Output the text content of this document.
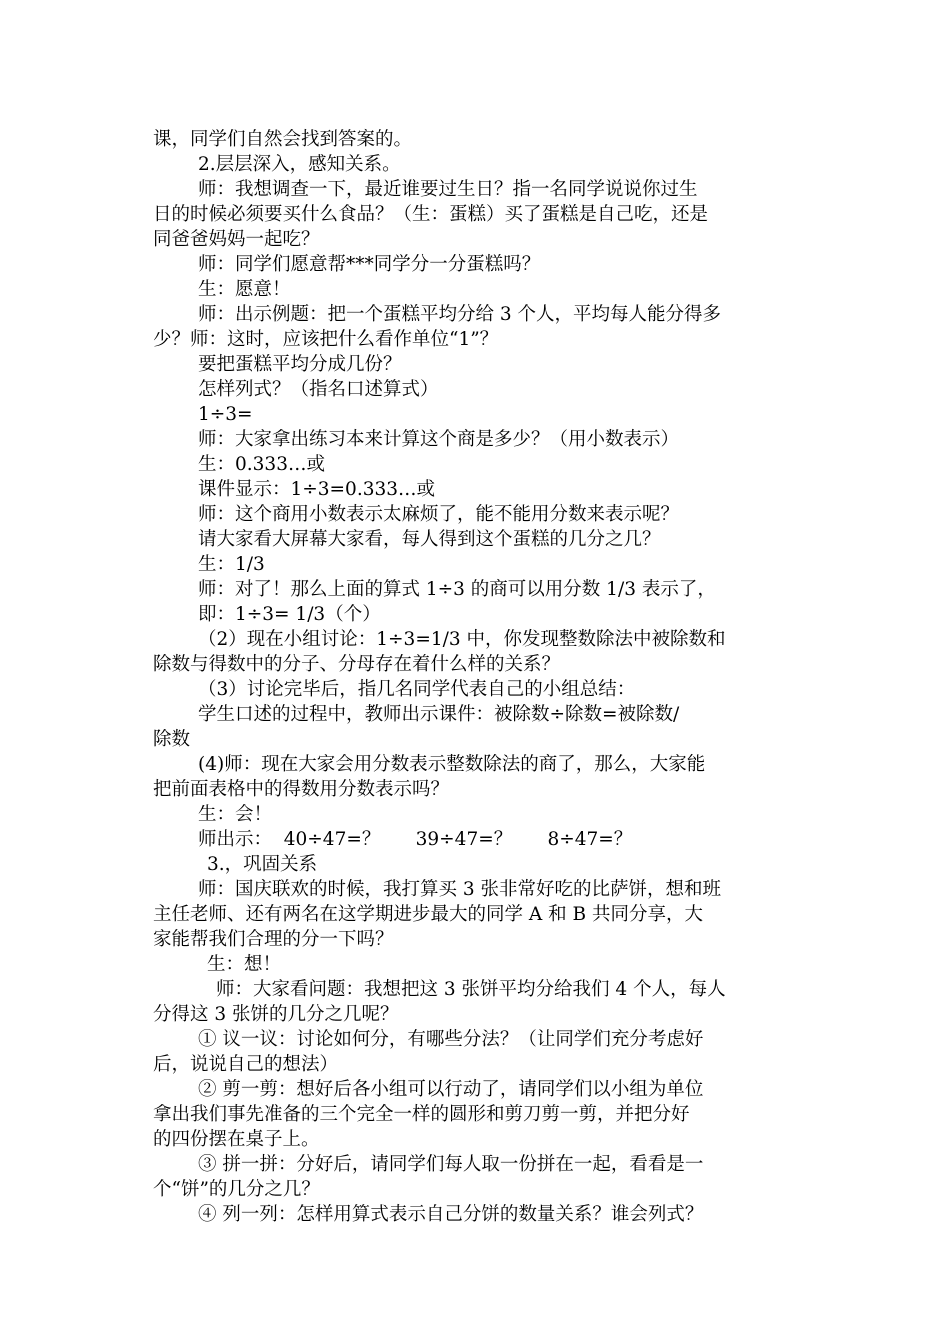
课，同学们自然会找到答案的。
2.层层深入，感知关系。
师：我想调查一下，最近谁要过生日？指一名同学说说你过生
日的时候必须要买什么食品？（生：蛋糕）买了蛋糕是自己吃，还是
同爸爸妈妈一起吃？
师：同学们愿意帮***同学分一分蛋糕吗？
生：愿意！
师：出示例题：把一个蛋糕平均分给 3 个人，平均每人能分得多
少？师：这时，应该把什么看作单位“1”？
要把蛋糕平均分成几份？
怎样列式？（指名口述算式）
1÷3=
师：大家拿出练习本来计算这个商是多少？（用小数表示）
生：0.333…或
课件显示：1÷3=0.333…或
师：这个商用小数表示太麻烦了，能不能用分数来表示呢？
请大家看大屏幕大家看，每人得到这个蛋糕的几分之几？
生：1/3
师：对了！那么上面的算式 1÷3 的商可以用分数 1/3 表示了，
即：1÷3= 1/3（个）
（2）现在小组讨论：1÷3=1/3 中，你发现整数除法中被除数和
除数与得数中的分子、分母存在着什么样的关系？
（3）讨论完毕后，指几名同学代表自己的小组总结：
学生口述的过程中，教师出示课件：被除数÷除数=被除数/
除数
(4)师：现在大家会用分数表示整数除法的商了，那么，大家能
把前面表格中的得数用分数表示吗？
生：会！
师出示：  40÷47=？      39÷47=？      8÷47=？
3.，巩固关系
师：国庆联欢的时候，我打算买 3 张非常好吃的比萨饼，想和班
主任老师、还有两名在这学期进步最大的同学 A 和 B 共同分享，大
家能帮我们合理的分一下吗？
生：想！
师：大家看问题：我想把这 3 张饼平均分给我们 4 个人，每人
分得这 3 张饼的几分之几呢？
① 议一议：讨论如何分，有哪些分法？（让同学们充分考虑好
后，说说自己的想法）
② 剪一剪：想好后各小组可以行动了，请同学们以小组为单位
拿出我们事先准备的三个完全一样的圆形和剪刀剪一剪，并把分好
的四份摆在桌子上。
③ 拼一拼：分好后，请同学们每人取一份拼在一起，看看是一
个“饼”的几分之几？
④ 列一列：怎样用算式表示自己分饼的数量关系？谁会列式？
